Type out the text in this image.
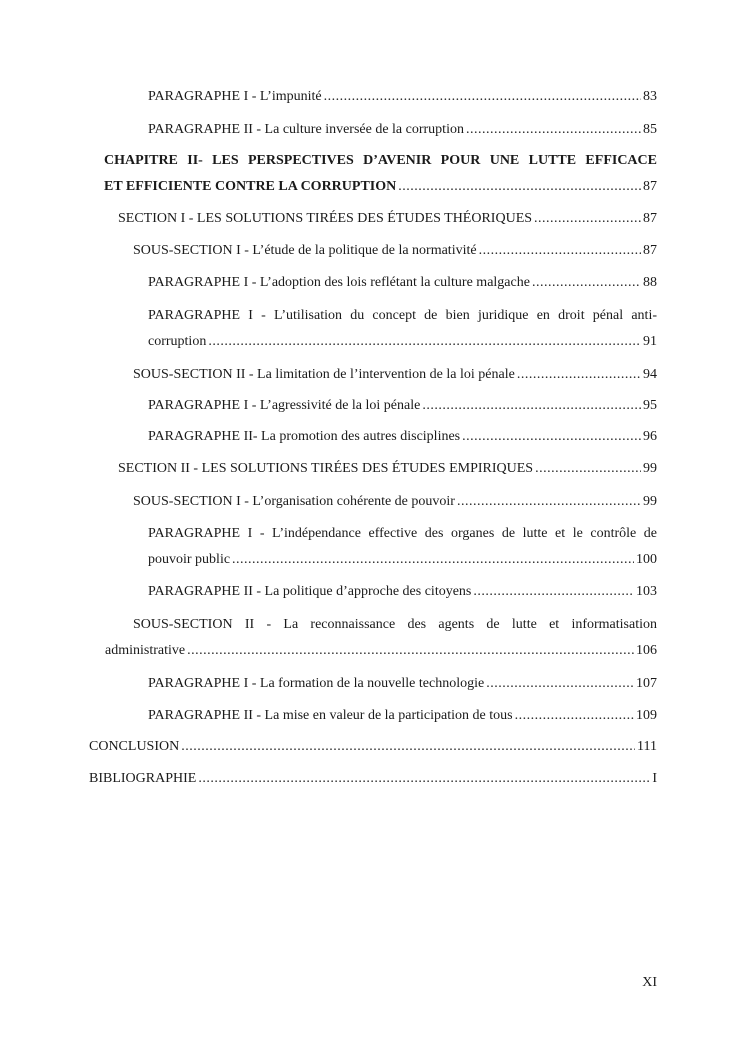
PARAGRAPHE I - L’impunité .....	83
PARAGRAPHE II - La culture inversée de la corruption .....	85
CHAPITRE II- LES PERSPECTIVES D’AVENIR POUR UNE LUTTE EFFICACE
ET EFFICIENTE CONTRE LA CORRUPTION .....	87
SECTION I - LES SOLUTIONS TIRÉES DES ÉTUDES THÉORIQUES .....	87
SOUS-SECTION I - L’étude de la politique de la normativité .....	87
PARAGRAPHE I - L’adoption des lois reflétant la culture malgache .....	88
PARAGRAPHE I - L’utilisation du concept de bien juridique en droit pénal anti-
corruption .....	91
SOUS-SECTION II - La limitation de l’intervention de la loi pénale .....	94
PARAGRAPHE I - L’agressivité de la loi pénale .....	95
PARAGRAPHE II- La promotion des autres disciplines .....	96
SECTION II - LES SOLUTIONS TIRÉES DES ÉTUDES EMPIRIQUES .....	99
SOUS-SECTION I - L’organisation cohérente de pouvoir .....	99
PARAGRAPHE I - L’indépendance effective des organes de lutte et le contrôle de
pouvoir public .....	100
PARAGRAPHE II - La politique d’approche des citoyens .....	103
SOUS-SECTION II - La reconnaissance des agents de lutte et informatisation
administrative .....	106
PARAGRAPHE I - La formation de la nouvelle technologie .....	107
PARAGRAPHE II - La mise en valeur de la participation de tous .....	109
CONCLUSION .....	111
BIBLIOGRAPHIE .....	I
XI
